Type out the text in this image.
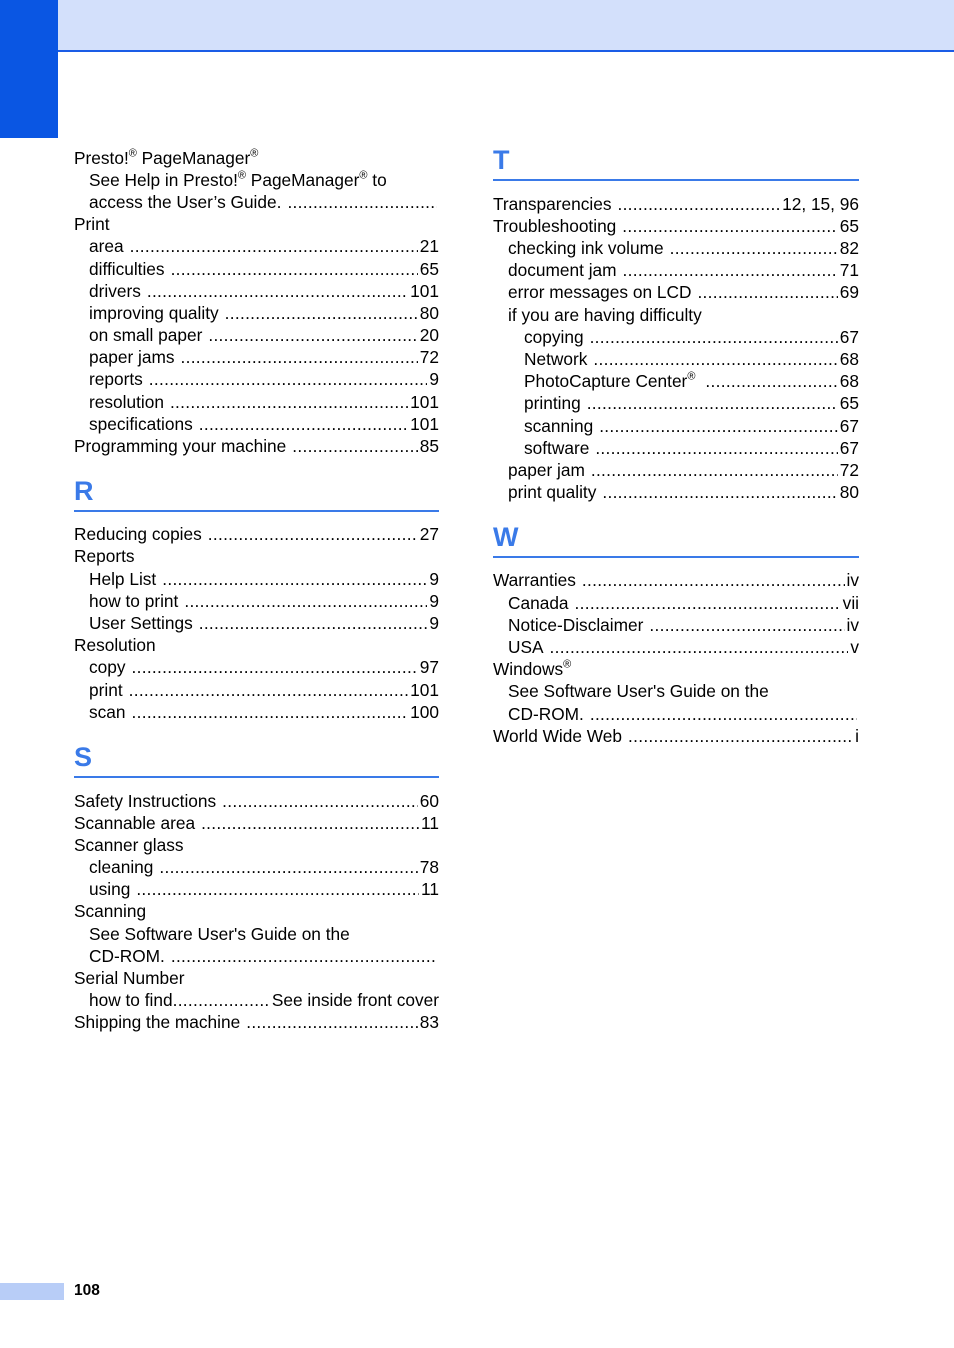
Presto!® PageManager®
See Help in Presto!® PageManager® to
access the User’s Guide.
.....
Print
area .....	21
difficulties .....	65
drivers .....	101
improving quality .....	80
on small paper .....	20
paper jams .....	72
reports .....	9
resolution .....	101
specifications .....	101
Programming your machine .....	85
R
Reducing copies .....	27
Reports
Help List .....	9
how to print .....	9
User Settings .....	9
Resolution
copy .....	97
print .....	101
scan .....	100
S
Safety Instructions .....	60
Scannable area .....	11
Scanner glass
cleaning .....	78
using .....	11
Scanning
See Software User's Guide on the
CD-ROM.
.....
Serial Number
how to find .....	See inside front cover
Shipping the machine .....	83
T
Transparencies .....	12, 15, 96
Troubleshooting .....	65
checking ink volume .....	82
document jam .....	71
error messages on LCD .....	69
if you are having difficulty
copying .....	67
Network .....	68
PhotoCapture Center® .....	68
printing .....	65
scanning .....	67
software .....	67
paper jam .....	72
print quality .....	80
W
Warranties .....	iv
Canada .....	vii
Notice-Disclaimer .....	iv
USA .....	v
Windows®
See Software User's Guide on the
CD-ROM.
.....
World Wide Web .....	i
108
